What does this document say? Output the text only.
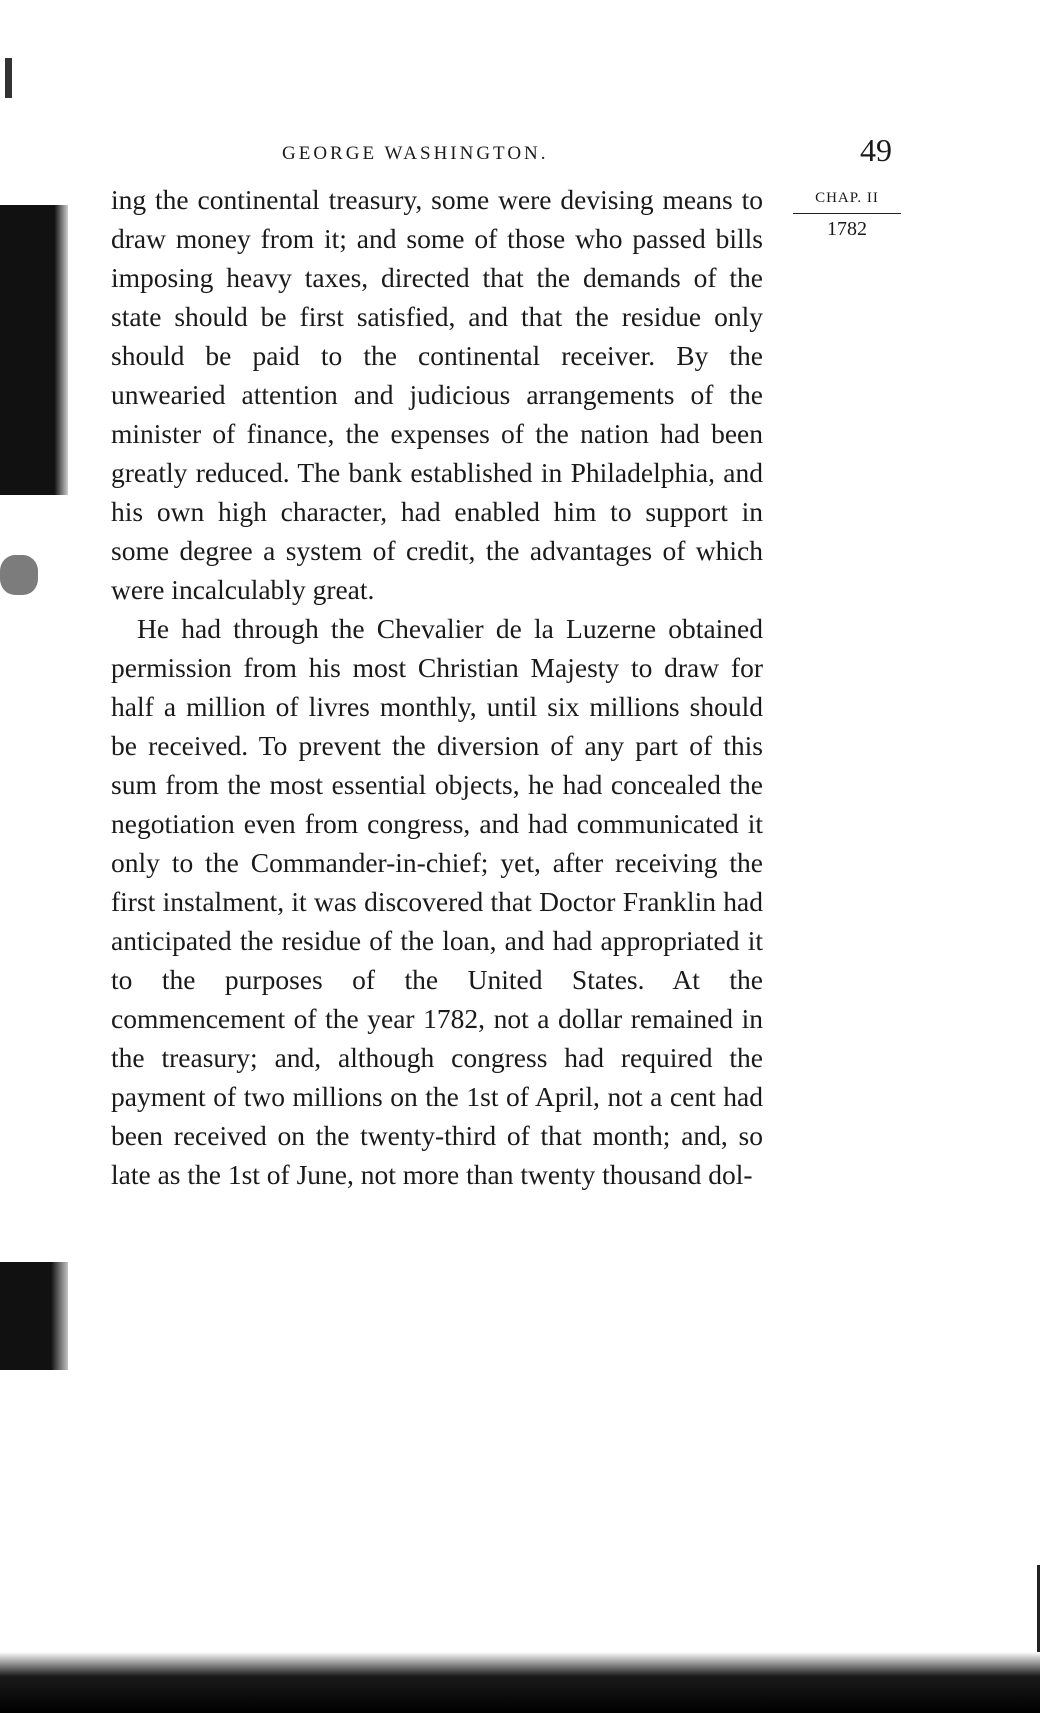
GEORGE WASHINGTON.	49
CHAP. II
1782

ing the continental treasury, some were devising means to draw money from it; and some of those who passed bills imposing heavy taxes, directed that the demands of the state should be first satisfied, and that the residue only should be paid to the continental receiver. By the unwearied attention and judicious arrangements of the minister of finance, the expenses of the nation had been greatly reduced. The bank established in Philadelphia, and his own high character, had enabled him to support in some degree a system of credit, the advantages of which were incalculably great.

He had through the Chevalier de la Luzerne obtained permission from his most Christian Majesty to draw for half a million of livres monthly, until six millions should be received. To prevent the diversion of any part of this sum from the most essential objects, he had concealed the negotiation even from congress, and had communicated it only to the Commander-in-chief; yet, after receiving the first instalment, it was discovered that Doctor Franklin had anticipated the residue of the loan, and had appropriated it to the purposes of the United States. At the commencement of the year 1782, not a dollar remained in the treasury; and, although congress had required the payment of two millions on the 1st of April, not a cent had been received on the twenty-third of that month; and, so late as the 1st of June, not more than twenty thousand dol-
